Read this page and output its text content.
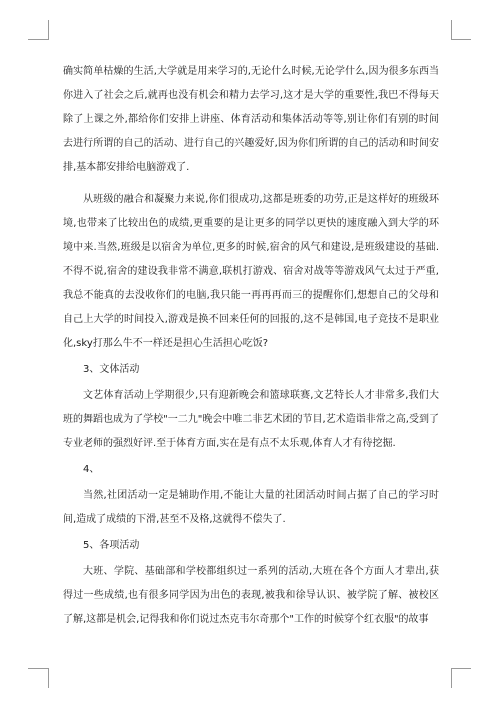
确实简单枯燥的生活,大学就是用来学习的,无论什么时候,无论学什么,因为很多东西当你进入了社会之后,就再也没有机会和精力去学习,这才是大学的重要性,我巴不得每天除了上课之外,都给你们安排上讲座、体育活动和集体活动等等,别让你们有别的时间去进行所谓的自己的活动、进行自己的兴趣爱好,因为你们所谓的自己的活动和时间安排,基本都安排给电脑游戏了.

从班级的融合和凝聚力来说,你们很成功,这都是班委的功劳,正是这样好的班级环境,也带来了比较出色的成绩,更重要的是让更多的同学以更快的速度融入到大学的环境中来.当然,班级是以宿舍为单位,更多的时候,宿舍的风气和建设,是班级建设的基础.不得不说,宿舍的建设我非常不满意,联机打游戏、宿舍对战等等游戏风气太过于严重,我总不能真的去没收你们的电脑,我只能一再再再而三的提醒你们,想想自己的父母和自己上大学的时间投入,游戏是换不回来任何的回报的,这不是韩国,电子竞技不是职业化,sky打那么牛不一样还是担心生活担心吃饭?

3、文体活动

文艺体育活动上学期很少,只有迎新晚会和篮球联赛,文艺特长人才非常多,我们大班的舞蹈也成为了学校"一二九"晚会中唯二非艺术团的节目,艺术造诣非常之高,受到了专业老师的强烈好评.至于体育方面,实在是有点不太乐观,体育人才有待挖掘.

4、

当然,社团活动一定是辅助作用,不能让大量的社团活动时间占据了自己的学习时间,造成了成绩的下滑,甚至不及格,这就得不偿失了.

5、各项活动

大班、学院、基础部和学校都组织过一系列的活动,大班在各个方面人才辈出,获得过一些成绩,也有很多同学因为出色的表现,被我和徐导认识、被学院了解、被校区了解,这都是机会,记得我和你们说过杰克韦尔奇那个"工作的时候穿个红衣服"的故事
